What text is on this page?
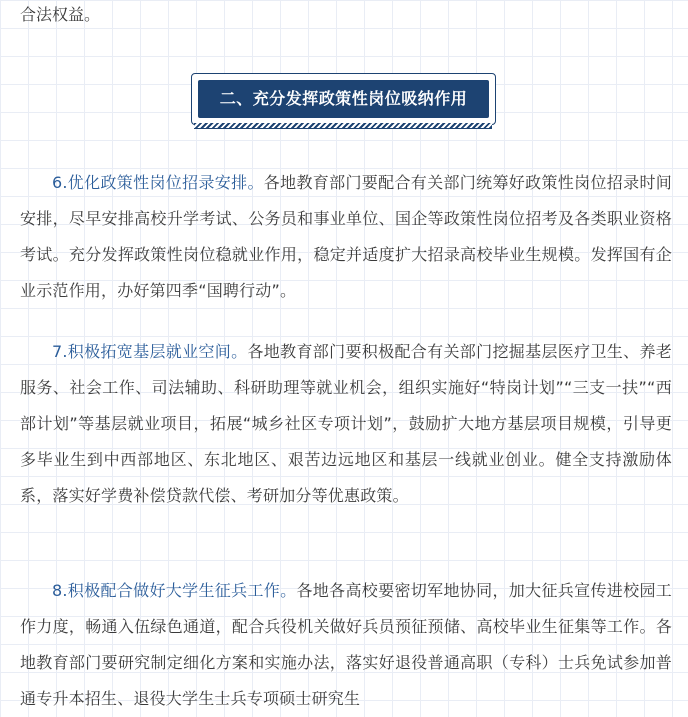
合法权益。
二、充分发挥政策性岗位吸纳作用

6.优化政策性岗位招录安排。各地教育部门要配合有关部门统筹好政策性岗位招录时间安排，尽早安排高校升学考试、公务员和事业单位、国企等政策性岗位招考及各类职业资格考试。充分发挥政策性岗位稳就业作用，稳定并适度扩大招录高校毕业生规模。发挥国有企业示范作用，办好第四季“国聘行动”。

7.积极拓宽基层就业空间。各地教育部门要积极配合有关部门挖掘基层医疗卫生、养老服务、社会工作、司法辅助、科研助理等就业机会，组织实施好“特岗计划”“三支一扶”“西部计划”等基层就业项目，拓展“城乡社区专项计划”，鼓励扩大地方基层项目规模，引导更多毕业生到中西部地区、东北地区、艰苦边远地区和基层一线就业创业。健全支持激励体系，落实好学费补偿贷款代偿、考研加分等优惠政策。

8.积极配合做好大学生征兵工作。各地各高校要密切军地协同，加大征兵宣传进校园工作力度，畅通入伍绿色通道，配合兵役机关做好兵员预征预储、高校毕业生征集等工作。各地教育部门要研究制定细化方案和实施办法，落实好退役普通高职（专科）士兵免试参加普通专升本招生、退役大学生士兵专项硕士研究生
